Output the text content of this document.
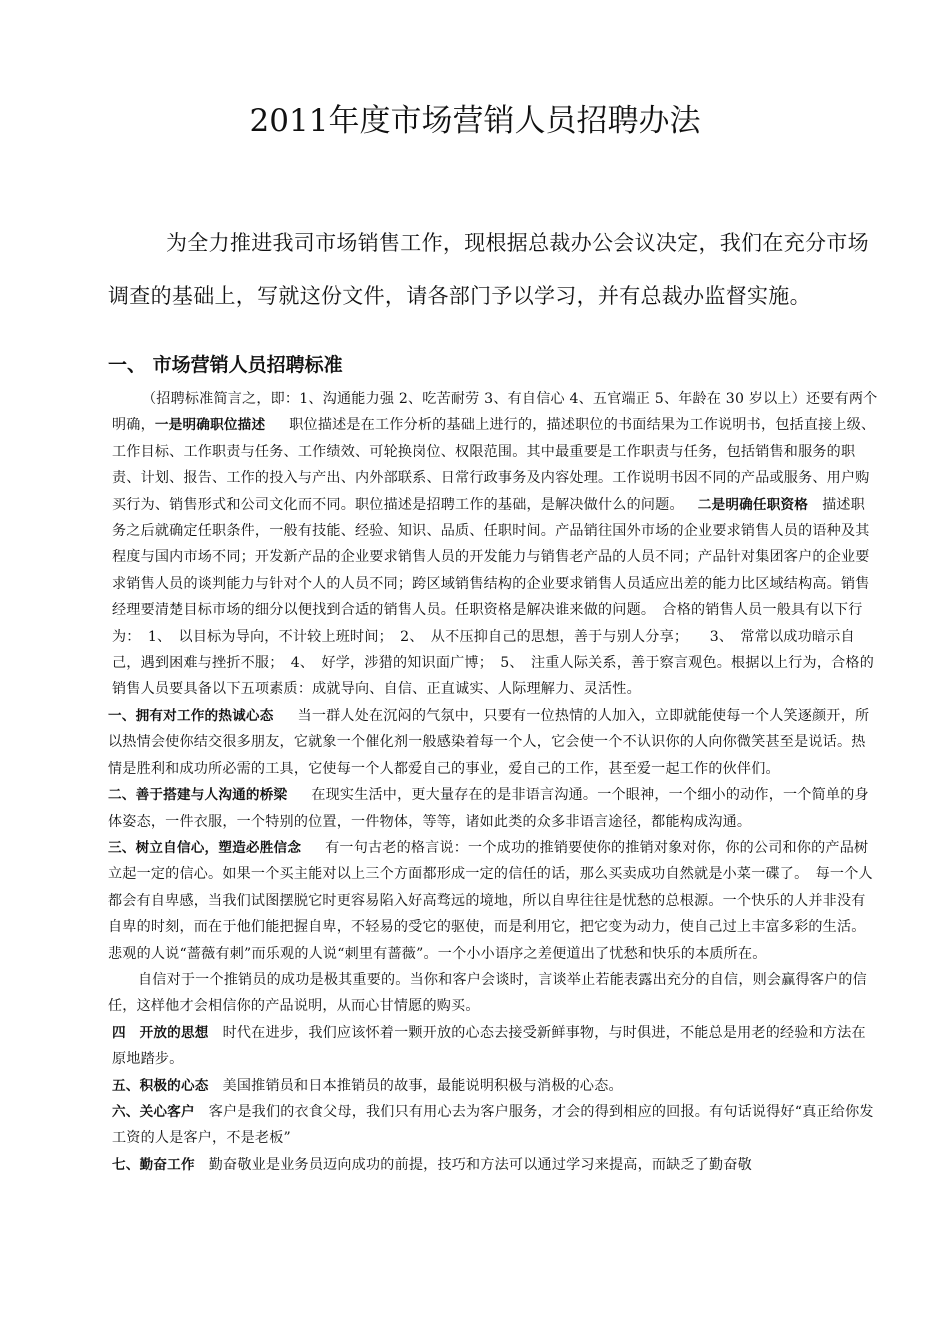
2011年度市场营销人员招聘办法

为全力推进我司市场销售工作，现根据总裁办公会议决定，我们在充分市场调查的基础上，写就这份文件，请各部门予以学习，并有总裁办监督实施。

一、 市场营销人员招聘标准

（招聘标准简言之，即：1、沟通能力强 2、吃苦耐劳 3、有自信心 4、五官端正 5、年龄在 30 岁以上）还要有两个明确，一是明确职位描述 职位描述是在工作分析的基础上进行的，描述职位的书面结果为工作说明书，包括直接上级、工作目标、工作职责与任务、工作绩效、可轮换岗位、权限范围。其中最重要是工作职责与任务，包括销售和服务的职责、计划、报告、工作的投入与产出、内外部联系、日常行政事务及内容处理。工作说明书因不同的产品或服务、用户购买行为、销售形式和公司文化而不同。职位描述是招聘工作的基础，是解决做什么的问题。 二是明确任职资格 描述职务之后就确定任职条件，一般有技能、经验、知识、品质、任职时间。产品销往国外市场的企业要求销售人员的语种及其程度与国内市场不同；开发新产品的企业要求销售人员的开发能力与销售老产品的人员不同；产品针对集团客户的企业要求销售人员的谈判能力与针对个人的人员不同；跨区域销售结构的企业要求销售人员适应出差的能力比区域结构高。销售经理要清楚目标市场的细分以便找到合适的销售人员。任职资格是解决谁来做的问题。　合格的销售人员一般具有以下行为：　1、　以目标为导向，不计较上班时间；　2、　从不压抑自己的思想，善于与别人分享；　　3、　常常以成功暗示自己，遇到困难与挫折不服；　4、　好学，涉猎的知识面广博；　5、　注重人际关系，善于察言观色。根据以上行为，合格的销售人员要具备以下五项素质：成就导向、自信、正直诚实、人际理解力、灵活性。

一、拥有对工作的热诚心态 当一群人处在沉闷的气氛中，只要有一位热情的人加入，立即就能使每一个人笑逐颜开，所以热情会使你结交很多朋友，它就象一个催化剂一般感染着每一个人，它会使一个不认识你的人向你微笑甚至是说话。热情是胜利和成功所必需的工具，它使每一个人都爱自己的事业，爱自己的工作，甚至爱一起工作的伙伴们。

二、善于搭建与人沟通的桥梁 在现实生活中，更大量存在的是非语言沟通。一个眼神，一个细小的动作，一个简单的身体姿态，一件衣服，一个特别的位置，一件物体，等等，诸如此类的众多非语言途径，都能构成沟通。

三、树立自信心，塑造必胜信念 有一句古老的格言说：一个成功的推销要使你的推销对象对你，你的公司和你的产品树立起一定的信心。如果一个买主能对以上三个方面都形成一定的信任的话，那么买卖成功自然就是小菜一碟了。　每一个人都会有自卑感，当我们试图摆脱它时更容易陷入好高骛远的境地，所以自卑往往是忧愁的总根源。一个快乐的人并非没有自卑的时刻，而在于他们能把握自卑，不轻易的受它的驱使，而是利用它，把它变为动力，使自己过上丰富多彩的生活。悲观的人说“蔷薇有刺”而乐观的人说“刺里有蔷薇”。一个小小语序之差便道出了忧愁和快乐的本质所在。

自信对于一个推销员的成功是极其重要的。当你和客户会谈时，言谈举止若能表露出充分的自信，则会赢得客户的信任，这样他才会相信你的产品说明，从而心甘情愿的购买。

四　开放的思想 时代在进步，我们应该怀着一颗开放的心态去接受新鲜事物，与时俱进，不能总是用老的经验和方法在原地踏步。

五、积极的心态 美国推销员和日本推销员的故事，最能说明积极与消极的心态。

六、关心客户 客户是我们的衣食父母，我们只有用心去为客户服务，才会的得到相应的回报。有句话说得好“真正给你发工资的人是客户，不是老板”

七、勤奋工作 勤奋敬业是业务员迈向成功的前提，技巧和方法可以通过学习来提高，而缺乏了勤奋敬
